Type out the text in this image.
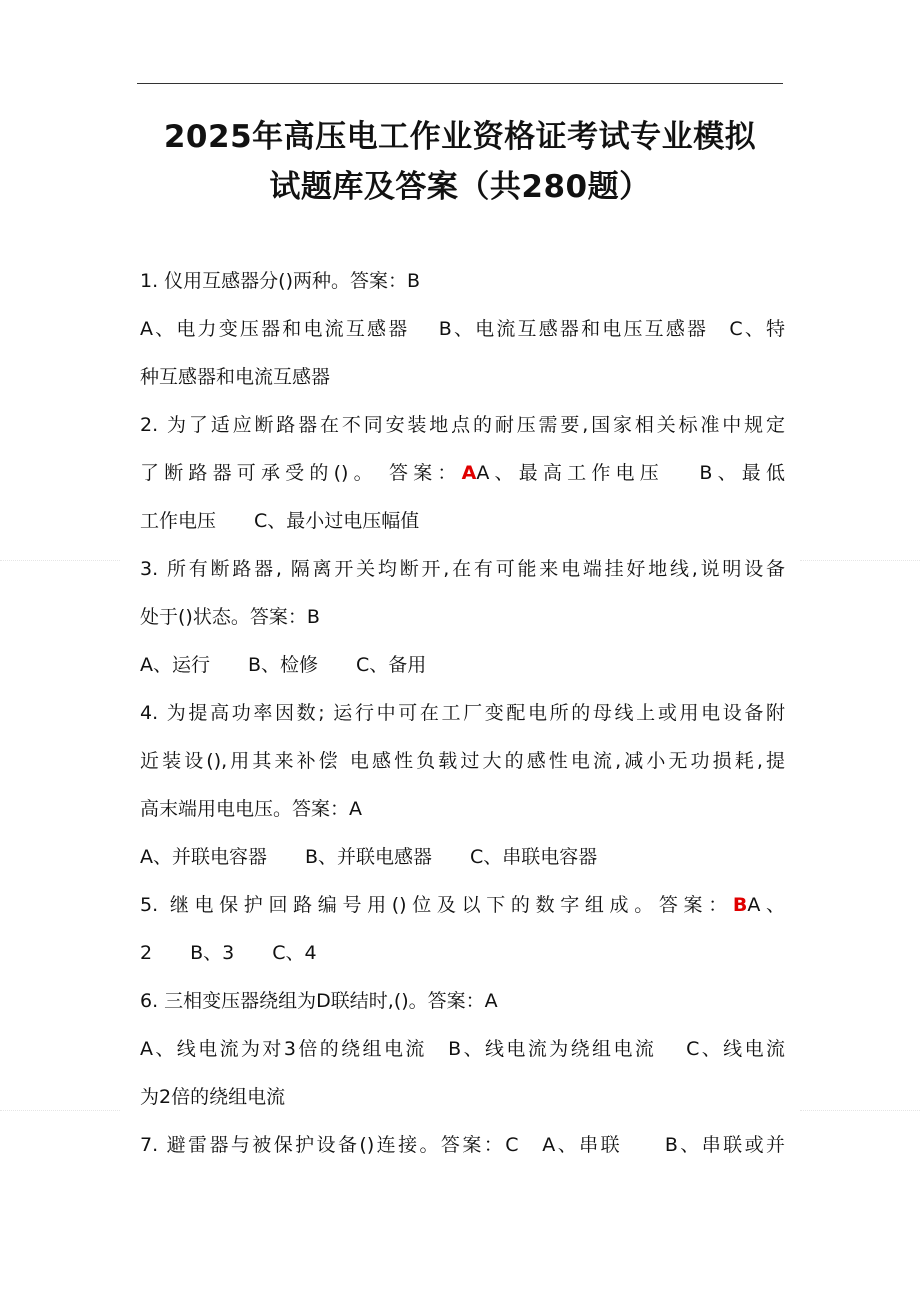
2025年高压电工作业资格证考试专业模拟
试题库及答案（共280题）
1. 仪用互感器分()两种。答案：B
A、电力变压器和电流互感器　 B、电流互感器和电压互感器　C、特
种互感器和电流互感器
2. 为了适应断路器在不同安装地点的耐压需要,国家相关标准中规定
了断路器可承受的()。 答案：AA、最高工作电压　 B、最低
工作电压　　C、最小过电压幅值
3. 所有断路器, 隔离开关均断开,在有可能来电端挂好地线,说明设备
处于()状态。答案：B
A、运行　　B、检修　　C、备用
4. 为提高功率因数; 运行中可在工厂变配电所的母线上或用电设备附
近装设(),用其来补偿 电感性负载过大的感性电流,减小无功损耗,提
高末端用电电压。答案：A
A、并联电容器　　B、并联电感器　　C、串联电容器
5. 继电保护回路编号用()位及以下的数字组成。答案：BA、
2　　B、3　　C、4
6. 三相变压器绕组为D联结时,()。答案：A
A、线电流为对3倍的绕组电流　B、线电流为绕组电流　 C、线电流
为2倍的绕组电流
7. 避雷器与被保护设备()连接。答案：C　A、串联　　B、串联或并
